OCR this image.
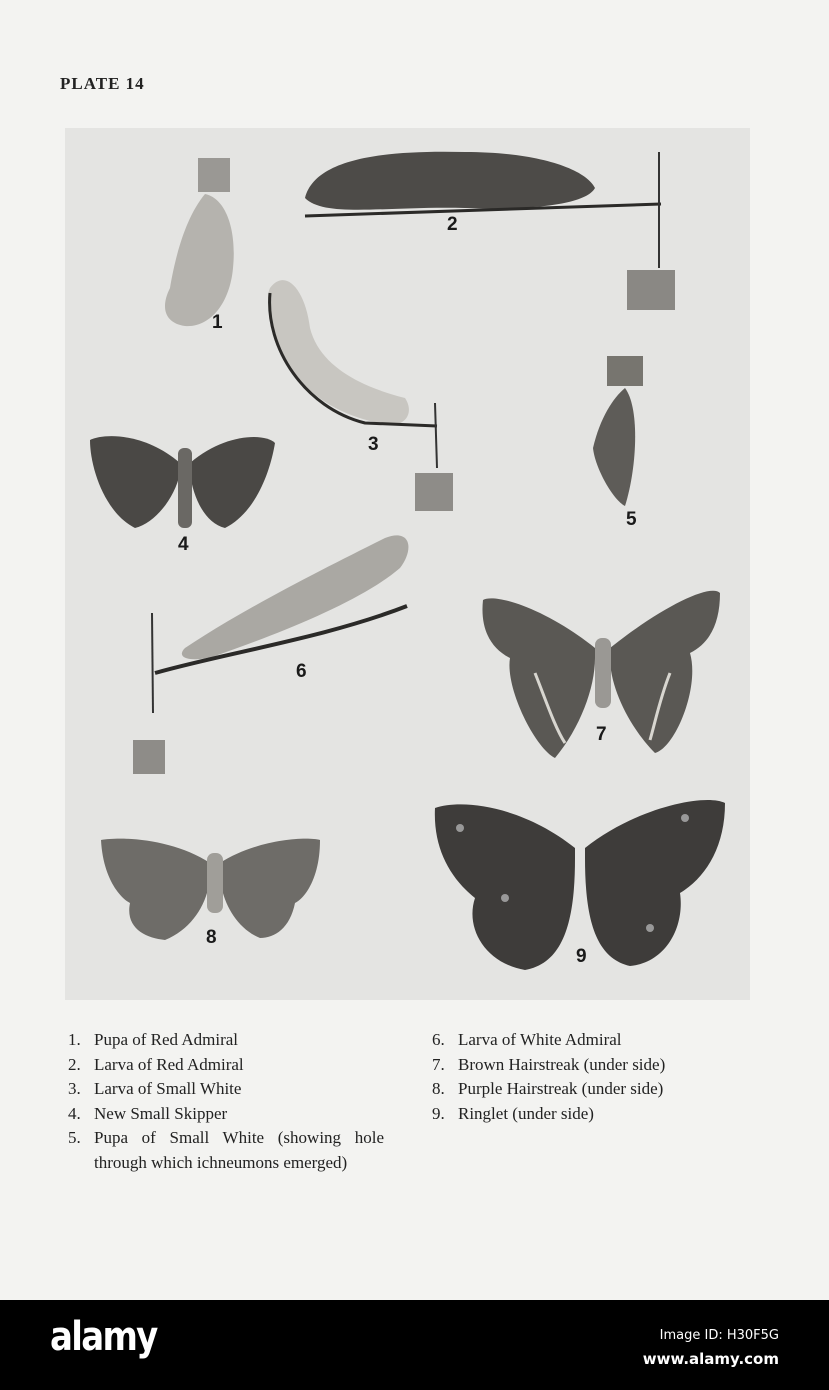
PLATE 14
1
2
3
4
5
6
7
8
9
1. Pupa of Red Admiral
2. Larva of Red Admiral
3. Larva of Small White
4. New Small Skipper
5. Pupa of Small White (showing hole through which ichneumons emerged)
6. Larva of White Admiral
7. Brown Hairstreak (under side)
8. Purple Hairstreak (under side)
9. Ringlet (under side)
alamy	Image ID: H30F5G
www.alamy.com
